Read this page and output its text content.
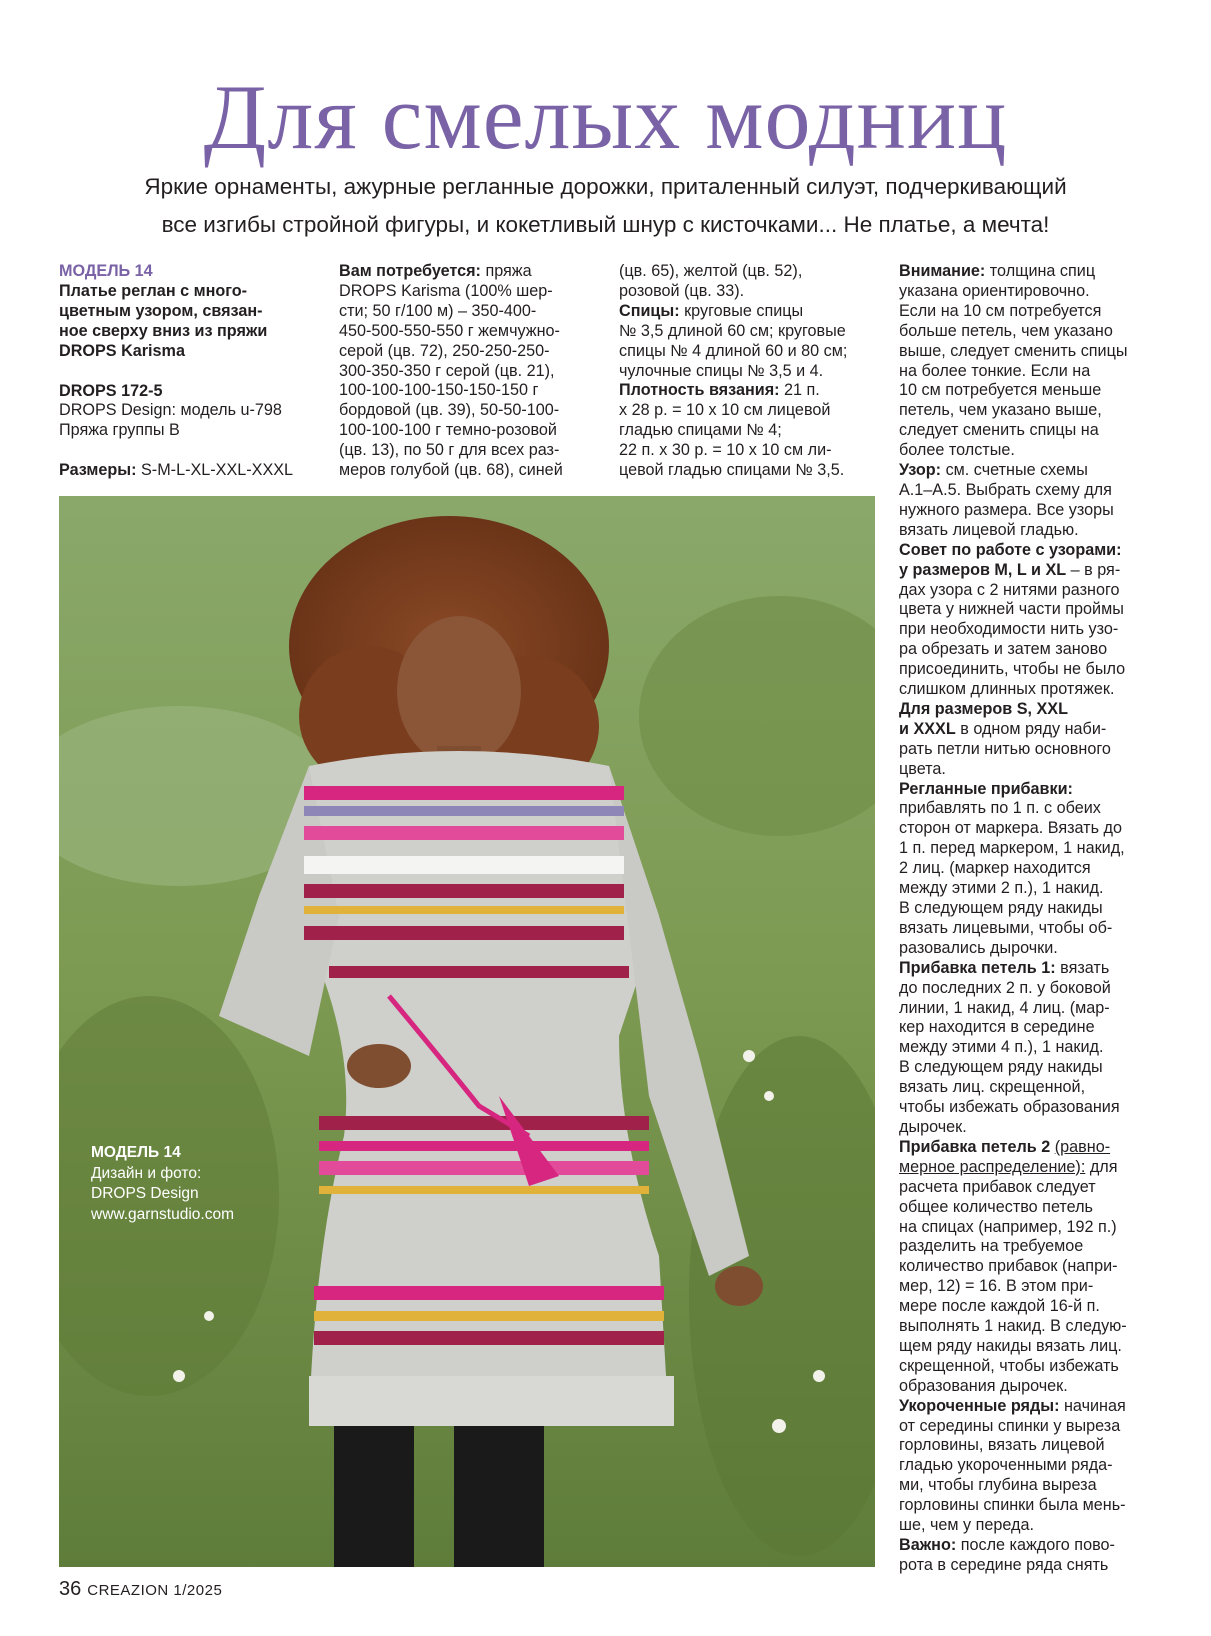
Для смелых модниц
Яркие орнаменты, ажурные регланные дорожки, приталенный силуэт, подчеркивающий
все изгибы стройной фигуры, и кокетливый шнур с кисточками... Не платье, а мечта!

МОДЕЛЬ 14

Платье реглан с много-

цветным узором, связан-

ное сверху вниз из пряжи

DROPS Karisma

DROPS 172-5

DROPS Design: модель u-798

Пряжа группы В

Размеры: S-M-L-XL-XXL-XXXL

Вам потребуется: пряжа

DROPS Karisma (100% шер-

сти; 50 г/100 м) – 350-400-

450-500-550-550 г жемчужно-

серой (цв. 72), 250-250-250-

300-350-350 г серой (цв. 21),

100-100-100-150-150-150 г

бордовой (цв. 39), 50-50-100-

100-100-100 г темно-розовой

(цв. 13), по 50 г для всех раз-

меров голубой (цв. 68), синей

(цв. 65), желтой (цв. 52),

розовой (цв. 33).

Спицы: круговые спицы

№ 3,5 длиной 60 см; круговые

спицы № 4 длиной 60 и 80 см;

чулочные спицы № 3,5 и 4.

Плотность вязания: 21 п.

х 28 р. = 10 х 10 см лицевой

гладью спицами № 4;

22 п. х 30 р. = 10 х 10 см ли-

цевой гладью спицами № 3,5.

Внимание: толщина спиц

указана ориентировочно.

Если на 10 см потребуется

больше петель, чем указано

выше, следует сменить спицы

на более тонкие. Если на

10 см потребуется меньше

петель, чем указано выше,

следует сменить спицы на

более толстые.

Узор: см. счетные схемы

А.1–А.5. Выбрать схему для

нужного размера. Все узоры

вязать лицевой гладью.

Совет по работе с узорами:

у размеров M, L и XL – в ря-

дах узора с 2 нитями разного

цвета у нижней части проймы

при необходимости нить узо-

ра обрезать и затем заново

присоединить, чтобы не было

слишком длинных протяжек.

Для размеров S, XXL

и XXXL в одном ряду наби-

рать петли нитью основного

цвета.

Регланные прибавки:

прибавлять по 1 п. с обеих

сторон от маркера. Вязать до

1 п. перед маркером, 1 накид,

2 лиц. (маркер находится

между этими 2 п.), 1 накид.

В следующем ряду накиды

вязать лицевыми, чтобы об-

разовались дырочки.

Прибавка петель 1: вязать

до последних 2 п. у боковой

линии, 1 накид, 4 лиц. (мар-

кер находится в середине

между этими 4 п.), 1 накид.

В следующем ряду накиды

вязать лиц. скрещенной,

чтобы избежать образования

дырочек.

Прибавка петель 2 (равно-

мерное распределение): для

расчета прибавок следует

общее количество петель

на спицах (например, 192 п.)

разделить на требуемое

количество прибавок (напри-

мер, 12) = 16. В этом при-

мере после каждой 16-й п.

выполнять 1 накид. В следую-

щем ряду накиды вязать лиц.

скрещенной, чтобы избежать

образования дырочек.

Укороченные ряды: начиная

от середины спинки у выреза

горловины, вязать лицевой

гладью укороченными ряда-

ми, чтобы глубина выреза

горловины спинки была мень-

ше, чем у переда.

Важно: после каждого пово-

рота в середине ряда снять

МОДЕЛЬ 14

Дизайн и фото:

DROPS Design

www.garnstudio.com

36 CREAZION 1/2025
